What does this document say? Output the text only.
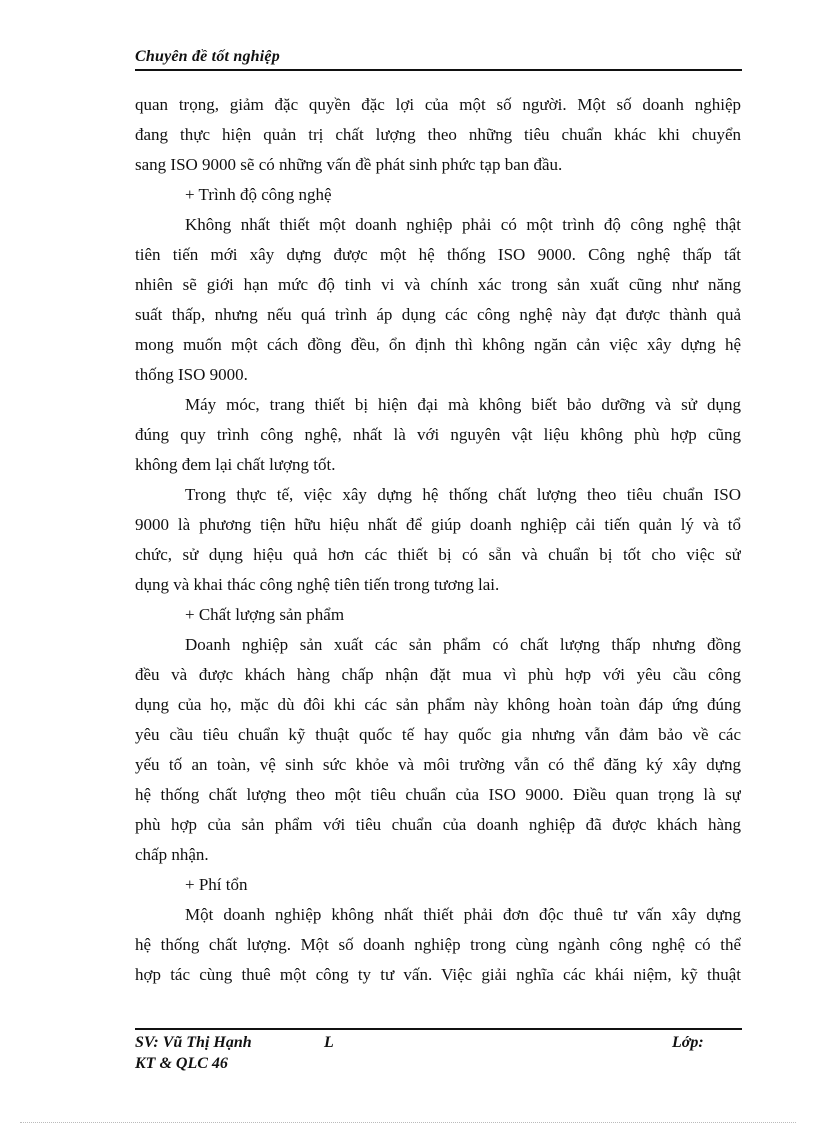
Chuyên đề tốt nghiệp
quan trọng, giảm đặc quyền đặc lợi của một số người. Một số doanh nghiệp
đang thực hiện quản trị chất lượng theo những tiêu chuẩn khác khi chuyển
sang ISO 9000 sẽ có những vấn đề phát sinh phức tạp ban đầu.
+ Trình độ công nghệ
Không nhất thiết một doanh nghiệp phải có một trình độ công nghệ thật
tiên tiến mới xây dựng được một hệ thống ISO 9000. Công nghệ thấp tất
nhiên sẽ giới hạn mức độ tinh vi và chính xác trong sản xuất cũng như năng
suất thấp, nhưng nếu quá trình áp dụng các công nghệ này đạt được thành quả
mong muốn một cách đồng đều, ổn định thì không ngăn cản việc xây dựng hệ
thống ISO 9000.
Máy móc, trang thiết bị hiện đại mà không biết bảo dưỡng và sử dụng
đúng quy trình công nghệ, nhất là với nguyên vật liệu không phù hợp cũng
không đem lại chất lượng tốt.
Trong thực tế, việc xây dựng hệ thống chất lượng theo tiêu chuẩn ISO
9000 là phương tiện hữu hiệu nhất để giúp doanh nghiệp cải tiến quản lý và tổ
chức, sử dụng hiệu quả hơn các thiết bị có sẵn và chuẩn bị tốt cho việc sử
dụng và khai thác công nghệ tiên tiến trong tương lai.
+ Chất lượng sản phẩm
Doanh nghiệp sản xuất các sản phẩm có chất lượng thấp nhưng đồng
đều và được khách hàng chấp nhận đặt mua vì phù hợp với yêu cầu công
dụng của họ, mặc dù đôi khi các sản phẩm này không hoàn toàn đáp ứng đúng
yêu cầu tiêu chuẩn kỹ thuật quốc tế hay quốc gia nhưng vẫn đảm bảo về các
yếu tố an toàn, vệ sinh sức khỏe và môi trường vẫn có thể đăng ký xây dựng
hệ thống chất lượng theo một tiêu chuẩn của ISO 9000. Điều quan trọng là sự
phù hợp của sản phẩm với tiêu chuẩn của doanh nghiệp đã được khách hàng
chấp nhận.
+ Phí tổn
Một doanh nghiệp không nhất thiết phải đơn độc thuê tư vấn xây dựng
hệ thống chất lượng. Một số doanh nghiệp trong cùng ngành công nghệ có thể
hợp tác cùng thuê một công ty tư vấn. Việc giải nghĩa các khái niệm, kỹ thuật
SV: Vũ Thị Hạnh	L	Lớp:
KT & QLC 46
